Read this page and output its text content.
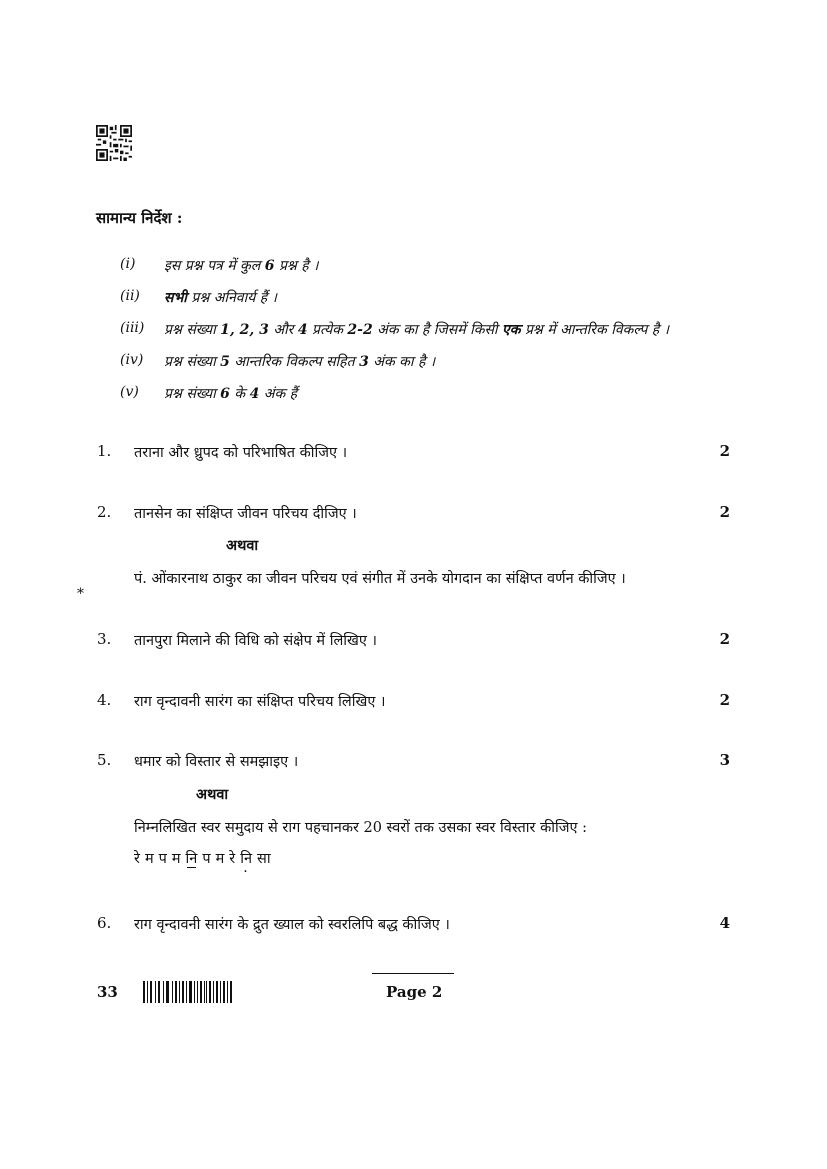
सामान्य निर्देश :
(i) इस प्रश्न पत्र में कुल 6 प्रश्न है ।
(ii) सभी प्रश्न अनिवार्य हैं ।
(iii) प्रश्न संख्या 1, 2, 3 और 4 प्रत्येक 2-2 अंक का है जिसमें किसी एक प्रश्न में आन्तरिक विकल्प है ।
(iv) प्रश्न संख्या 5 आन्तरिक विकल्प सहित 3 अंक का है ।
(v) प्रश्न संख्या 6 के 4 अंक हैं
1. तराना और ध्रुपद को परिभाषित कीजिए ।	2
2. तानसेन का संक्षिप्त जीवन परिचय दीजिए ।	2
अथवा
पं. ओंकारनाथ ठाकुर का जीवन परिचय एवं संगीत में उनके योगदान का संक्षिप्त वर्णन कीजिए ।
*
3. तानपुरा मिलाने की विधि को संक्षेप में लिखिए ।	2
4. राग वृन्दावनी सारंग का संक्षिप्त परिचय लिखिए ।	2
5. धमार को विस्तार से समझाइए ।	3
अथवा
निम्नलिखित स्वर समुदाय से राग पहचानकर 20 स्वरों तक उसका स्वर विस्तार कीजिए :
रे म प म नि प म रे नि . सा
6. राग वृन्दावनी सारंग के द्रुत ख्याल को स्वरलिपि बद्ध कीजिए ।	4
33	Page 2
